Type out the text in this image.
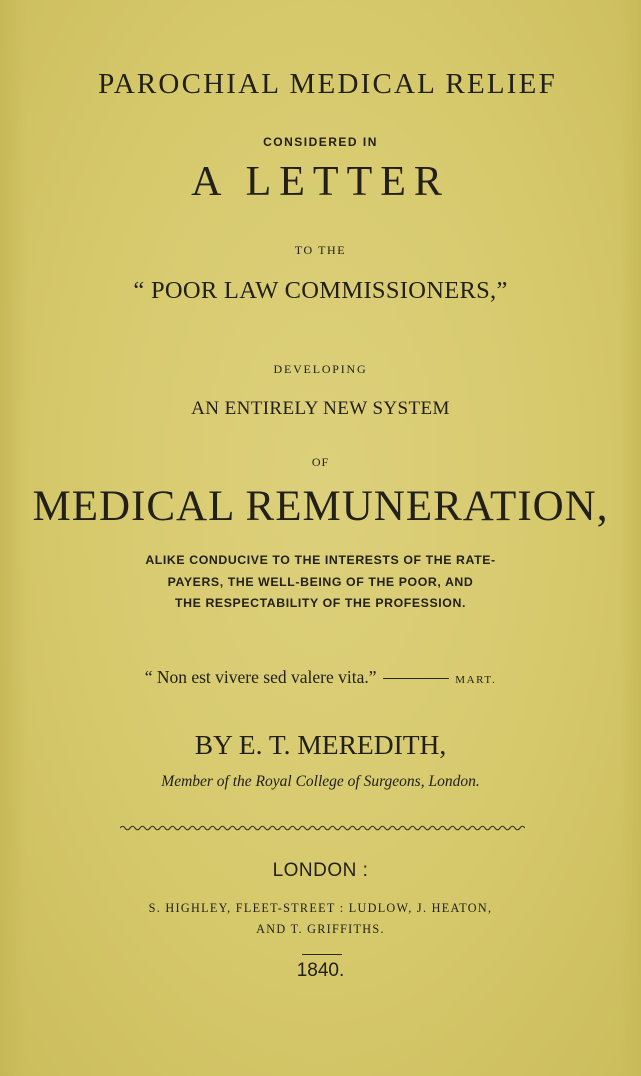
PAROCHIAL MEDICAL RELIEF
CONSIDERED IN
A LETTER
TO THE
“ POOR LAW COMMISSIONERS,”
DEVELOPING
AN ENTIRELY NEW SYSTEM
OF
MEDICAL REMUNERATION,
ALIKE CONDUCIVE TO THE INTERESTS OF THE RATE-
PAYERS, THE WELL-BEING OF THE POOR, AND
THE RESPECTABILITY OF THE PROFESSION.
“ Non est vivere sed valere vita.”	MART.
BY E. T. MEREDITH,
Member of the Royal College of Surgeons, London.
LONDON :
S. HIGHLEY, FLEET-STREET : LUDLOW, J. HEATON,
AND T. GRIFFITHS.
1840.
